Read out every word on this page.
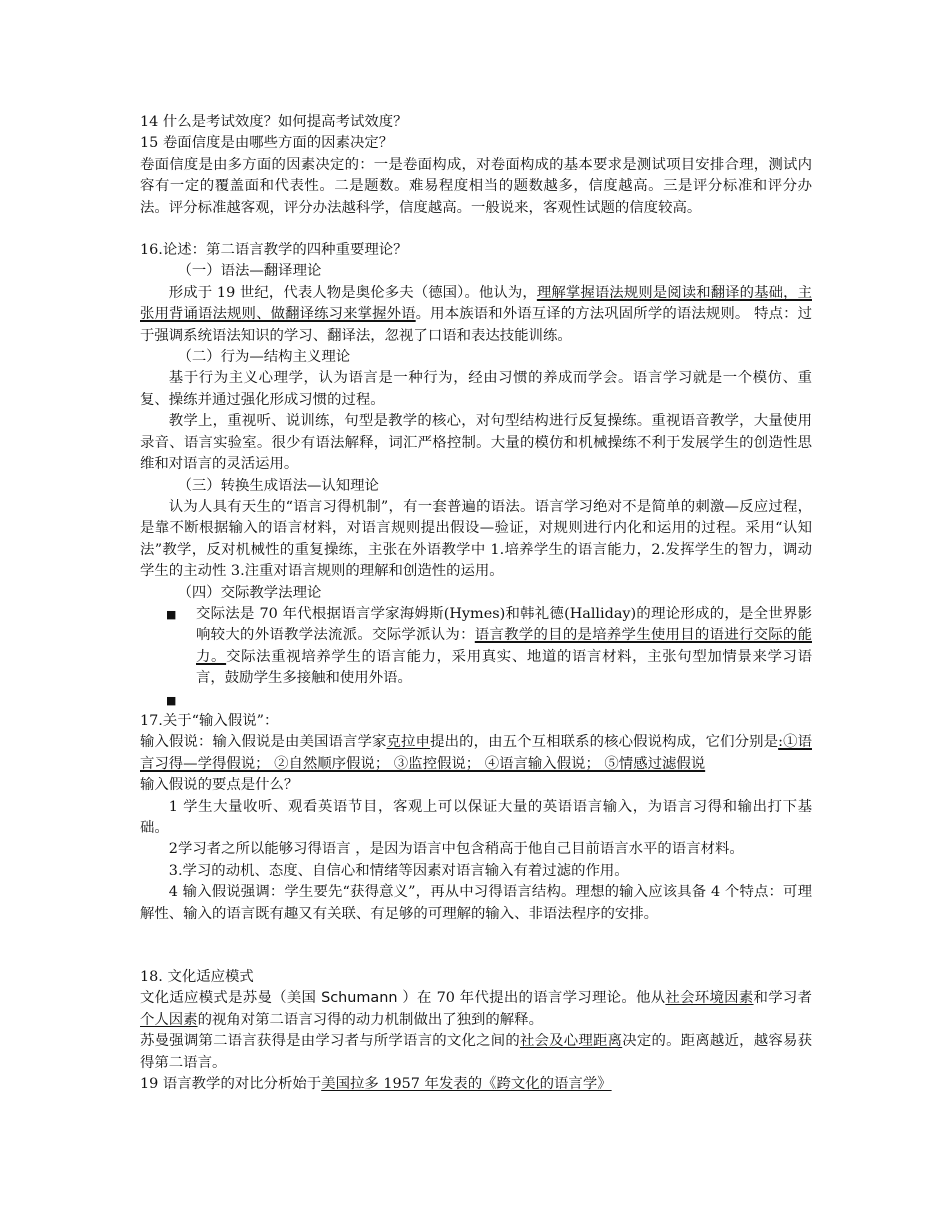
14 什么是考试效度？如何提高考试效度？

15 卷面信度是由哪些方面的因素决定？

卷面信度是由多方面的因素决定的：一是卷面构成，对卷面构成的基本要求是测试项目安排合理，测试内容有一定的覆盖面和代表性。二是题数。难易程度相当的题数越多，信度越高。三是评分标准和评分办法。评分标准越客观，评分办法越科学，信度越高。一般说来，客观性试题的信度较高。

16.论述：第二语言教学的四种重要理论？

（一）语法—翻译理论

形成于 19 世纪，代表人物是奥伦多夫（德国）。他认为，理解掌握语法规则是阅读和翻译的基础，主张用背诵语法规则、做翻译练习来掌握外语。用本族语和外语互译的方法巩固所学的语法规则。 特点：过于强调系统语法知识的学习、翻译法，忽视了口语和表达技能训练。

（二）行为—结构主义理论

基于行为主义心理学，认为语言是一种行为，经由习惯的养成而学会。语言学习就是一个模仿、重复、操练并通过强化形成习惯的过程。

教学上，重视听、说训练，句型是教学的核心，对句型结构进行反复操练。重视语音教学，大量使用录音、语言实验室。很少有语法解释，词汇严格控制。大量的模仿和机械操练不利于发展学生的创造性思维和对语言的灵活运用。

（三）转换生成语法—认知理论

认为人具有天生的“语言习得机制”，有一套普遍的语法。语言学习绝对不是简单的刺激—反应过程，是靠不断根据输入的语言材料，对语言规则提出假设—验证，对规则进行内化和运用的过程。采用“认知法”教学，反对机械性的重复操练，主张在外语教学中 1.培养学生的语言能力，2.发挥学生的智力，调动学生的主动性 3.注重对语言规则的理解和创造性的运用。

（四）交际教学法理论

■	交际法是 70 年代根据语言学家海姆斯(Hymes)和韩礼德(Halliday)的理论形成的，是全世界影响较大的外语教学法流派。交际学派认为：语言教学的目的是培养学生使用目的语进行交际的能力。交际法重视培养学生的语言能力，采用真实、地道的语言材料，主张句型加情景来学习语言，鼓励学生多接触和使用外语。

■

17.关于“输入假说”：

输入假说：输入假说是由美国语言学家克拉申提出的，由五个互相联系的核心假说构成，它们分别是:①语言习得—学得假说； ②自然顺序假说； ③监控假说； ④语言输入假说； ⑤情感过滤假说

输入假说的要点是什么？

1 学生大量收听、观看英语节目，客观上可以保证大量的英语语言输入，为语言习得和输出打下基础。

2学习者之所以能够习得语言 ，是因为语言中包含稍高于他自己目前语言水平的语言材料。

3.学习的动机、态度、自信心和情绪等因素对语言输入有着过滤的作用。

4 输入假说强调：学生要先“获得意义”，再从中习得语言结构。理想的输入应该具备 4 个特点：可理解性、输入的语言既有趣又有关联、有足够的可理解的输入、非语法程序的安排。

18. 文化适应模式

文化适应模式是苏曼（美国 Schumann ）在 70 年代提出的语言学习理论。他从社会环境因素和学习者个人因素的视角对第二语言习得的动力机制做出了独到的解释。

苏曼强调第二语言获得是由学习者与所学语言的文化之间的社会及心理距离决定的。距离越近，越容易获得第二语言。

19 语言教学的对比分析始于美国拉多 1957 年发表的《跨文化的语言学》
